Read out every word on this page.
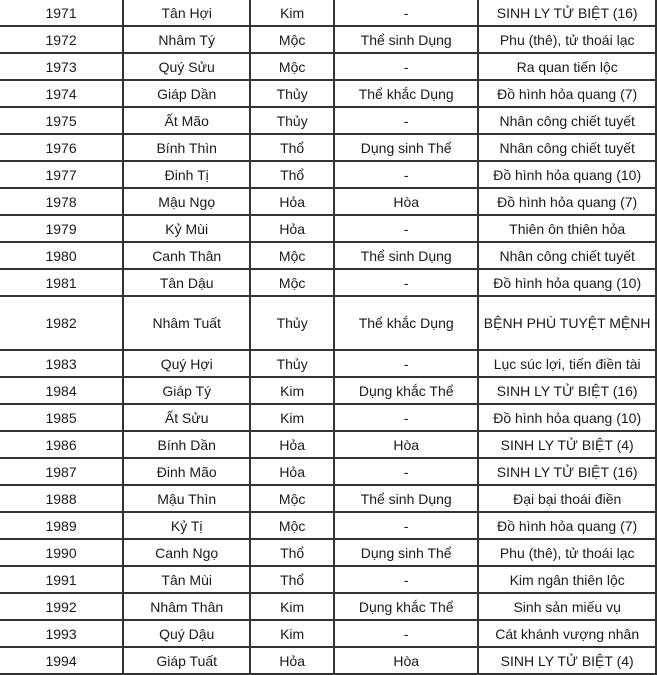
1971	Tân Hợi	Kim	-	SINH LY TỬ BIỆT (16)
1972	Nhâm Tý	Mộc	Thể sinh Dụng	Phu (thê), tử thoái lạc
1973	Quý Sửu	Mộc	-	Ra quan tiến lộc
1974	Giáp Dần	Thủy	Thể khắc Dụng	Đồ hình hỏa quang (7)
1975	Ất Mão	Thủy	-	Nhân công chiết tuyết
1976	Bính Thìn	Thổ	Dụng sinh Thể	Nhân công chiết tuyết
1977	Đinh Tị	Thổ	-	Đồ hình hỏa quang (10)
1978	Mậu Ngọ	Hỏa	Hòa	Đồ hình hỏa quang (7)
1979	Kỷ Mùi	Hỏa	-	Thiên ôn thiên hỏa
1980	Canh Thân	Mộc	Thể sinh Dụng	Nhân công chiết tuyết
1981	Tân Dậu	Mộc	-	Đồ hình hỏa quang (10)
1982	Nhâm Tuất	Thủy	Thể khắc Dụng	BỆNH PHÙ TUYỆT MỆNH
1983	Quý Hợi	Thủy	-	Lục súc lợi, tiến điền tài
1984	Giáp Tý	Kim	Dụng khắc Thể	SINH LY TỬ BIỆT (16)
1985	Ất Sửu	Kim	-	Đồ hình hỏa quang (10)
1986	Bính Dần	Hỏa	Hòa	SINH LY TỬ BIỆT (4)
1987	Đinh Mão	Hỏa	-	SINH LY TỬ BIỆT (16)
1988	Mậu Thìn	Mộc	Thể sinh Dụng	Đại bại thoái điền
1989	Kỷ Tị	Mộc	-	Đồ hình hỏa quang (7)
1990	Canh Ngọ	Thổ	Dụng sinh Thể	Phu (thê), tử thoái lạc
1991	Tân Mùi	Thổ	-	Kim ngân thiên lộc
1992	Nhâm Thân	Kim	Dụng khắc Thể	Sinh sản miếu vụ
1993	Quý Dậu	Kim	-	Cát khánh vượng nhân
1994	Giáp Tuất	Hỏa	Hòa	SINH LY TỬ BIỆT (4)
